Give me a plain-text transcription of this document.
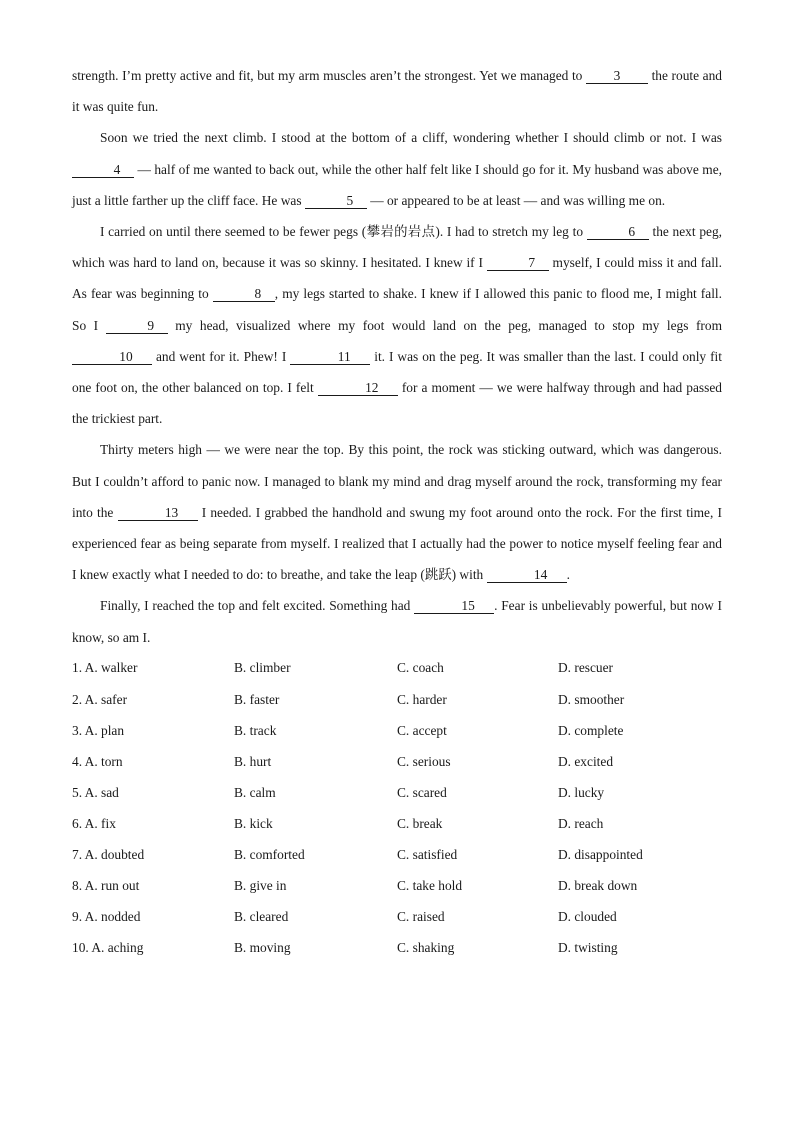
strength. I’m pretty active and fit, but my arm muscles aren’t the strongest. Yet we managed to 3 the route and it was quite fun.

Soon we tried the next climb. I stood at the bottom of a cliff, wondering whether I should climb or not. I was 4 — half of me wanted to back out, while the other half felt like I should go for it. My husband was above me, just a little farther up the cliff face. He was	5 — or appeared to be at least — and was willing me on.

I carried on until there seemed to be fewer pegs (攀岩的岩点). I had to stretch my leg to	6 the next peg, which was hard to land on, because it was so skinny. I hesitated. I knew if I	7 myself, I could miss it and fall. As fear was beginning to	8 , my legs started to shake. I knew if I allowed this panic to flood me, I might fall. So I	9 my head, visualized where my foot would land on the peg, managed to stop my legs from 10 and went for it. Phew! I	11 it. I was on the peg. It was smaller than the last. I could only fit one foot on, the other balanced on top. I felt	12 for a moment — we were halfway through and had passed the trickiest part.

Thirty meters high — we were near the top. By this point, the rock was sticking outward, which was dangerous. But I couldn’t afford to panic now. I managed to blank my mind and drag myself around the rock, transforming my fear into the	13 I needed. I grabbed the handhold and swung my foot around onto the rock. For the first time, I experienced fear as being separate from myself. I realized that I actually had the power to notice myself feeling fear and I knew exactly what I needed to do: to breathe, and take the leap (跳跃) with	14 .

Finally, I reached the top and felt excited. Something had	15 . Fear is unbelievably powerful, but now I know, so am I.

1. A. walker	B. climber	C. coach	D. rescuer
2. A. safer	B. faster	C. harder	D. smoother
3. A. plan	B. track	C. accept	D. complete
4. A. torn	B. hurt	C. serious	D. excited
5. A. sad	B. calm	C. scared	D. lucky
6. A. fix	B. kick	C. break	D. reach
7. A. doubted	B. comforted	C. satisfied	D. disappointed
8. A. run out	B. give in	C. take hold	D. break down
9. A. nodded	B. cleared	C. raised	D. clouded
10. A. aching	B. moving	C. shaking	D. twisting
